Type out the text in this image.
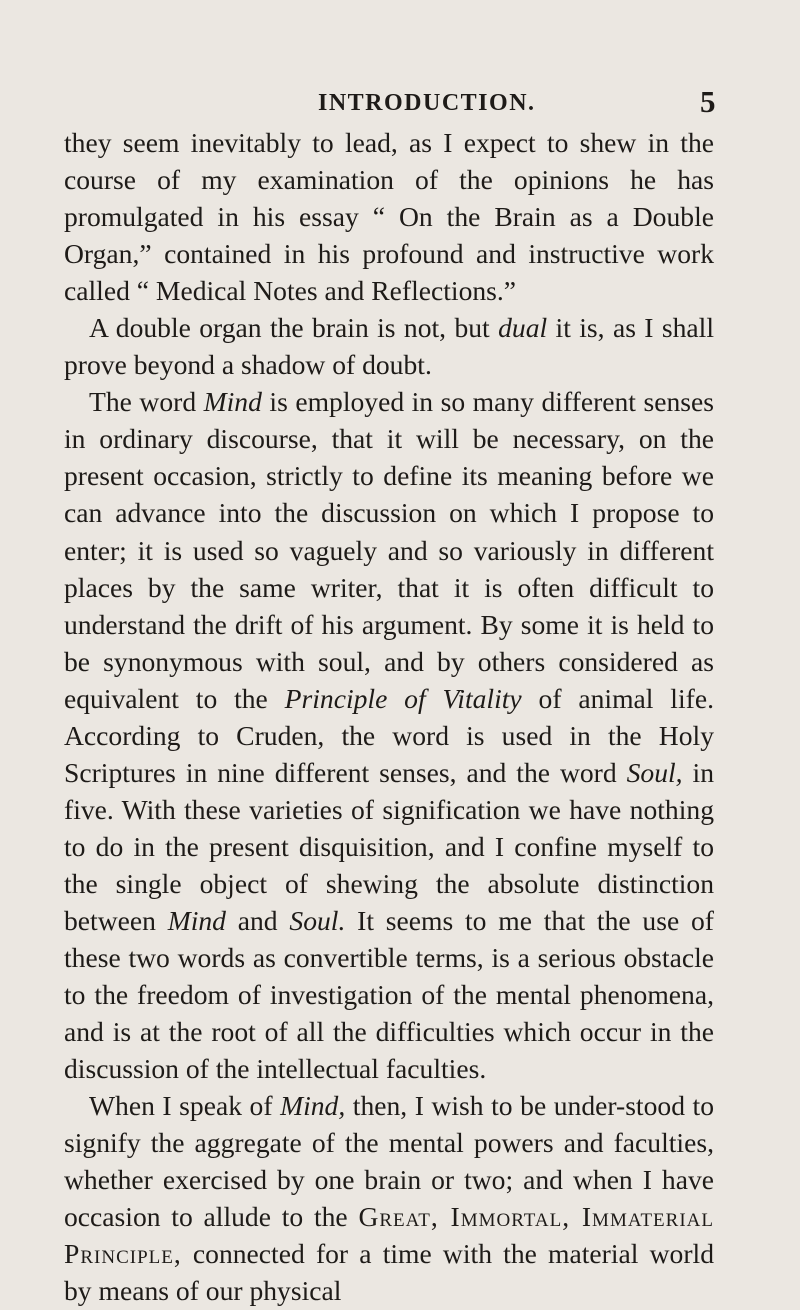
INTRODUCTION.	5

they seem inevitably to lead, as I expect to shew in the course of my examination of the opinions he has promulgated in his essay “ On the Brain as a Double Organ,” contained in his profound and instructive work called “ Medical Notes and Reflections.”

A double organ the brain is not, but dual it is, as I shall prove beyond a shadow of doubt.

The word Mind is employed in so many different senses in ordinary discourse, that it will be necessary, on the present occasion, strictly to define its meaning before we can advance into the discussion on which I propose to enter; it is used so vaguely and so variously in different places by the same writer, that it is often difficult to understand the drift of his argument. By some it is held to be synonymous with soul, and by others considered as equivalent to the Principle of Vitality of animal life. According to Cruden, the word is used in the Holy Scriptures in nine different senses, and the word Soul, in five. With these varieties of signification we have nothing to do in the present disquisition, and I confine myself to the single object of shewing the absolute distinction between Mind and Soul. It seems to me that the use of these two words as convertible terms, is a serious obstacle to the freedom of investigation of the mental phenomena, and is at the root of all the difficulties which occur in the discussion of the intellectual faculties.

When I speak of Mind, then, I wish to be under-stood to signify the aggregate of the mental powers and faculties, whether exercised by one brain or two; and when I have occasion to allude to the Great, Immortal, Immaterial Principle, connected for a time with the material world by means of our physical
